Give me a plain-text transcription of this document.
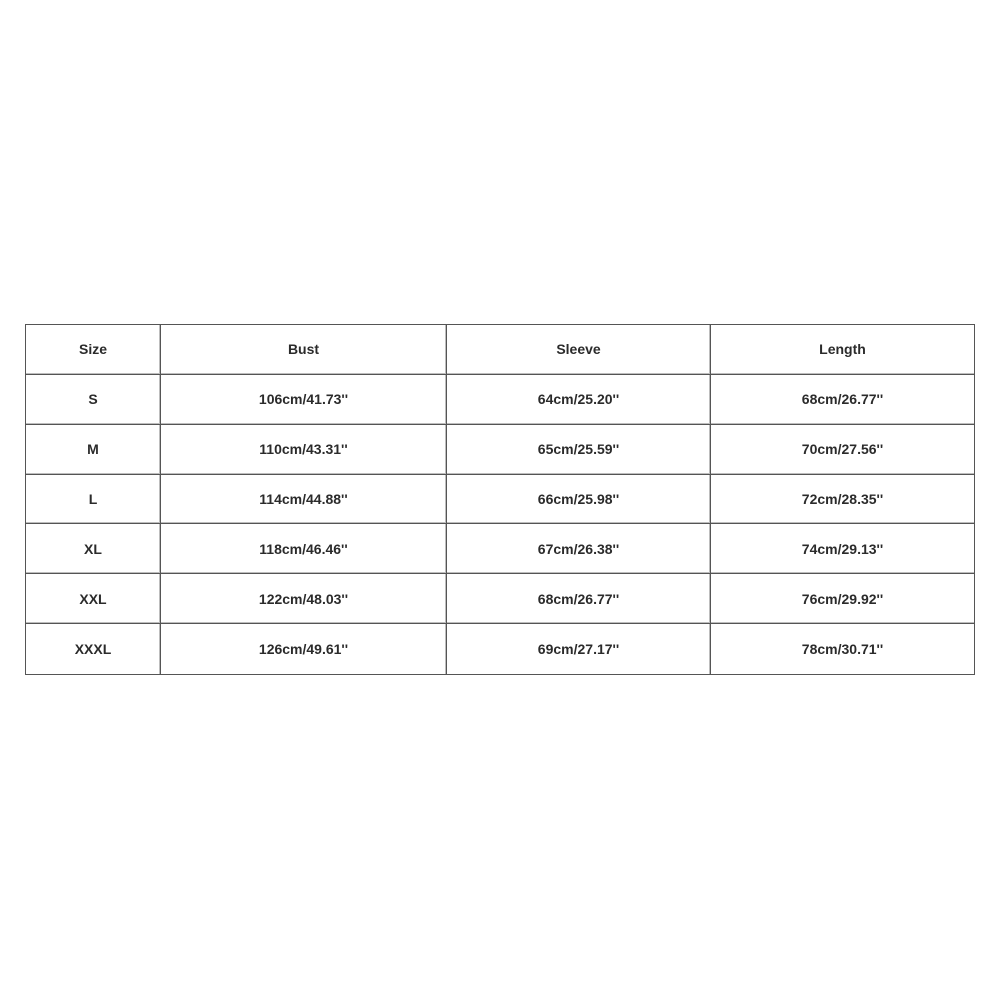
Size	Bust	Sleeve	Length
S	106cm/41.73''	64cm/25.20''	68cm/26.77''
M	110cm/43.31''	65cm/25.59''	70cm/27.56''
L	114cm/44.88''	66cm/25.98''	72cm/28.35''
XL	118cm/46.46''	67cm/26.38''	74cm/29.13''
XXL	122cm/48.03''	68cm/26.77''	76cm/29.92''
XXXL	126cm/49.61''	69cm/27.17''	78cm/30.71''
